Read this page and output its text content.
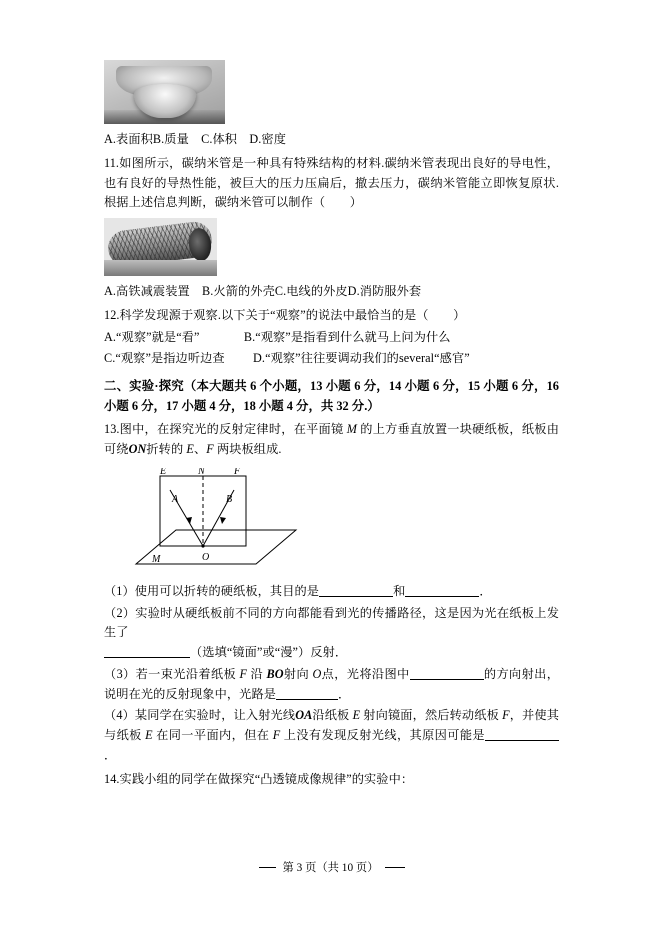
A.表面积B.质量　C.体积　D.密度

11.如图所示，碳纳米管是一种具有特殊结构的材料.碳纳米管表现出良好的导电性，也有良好的导热性能，被巨大的压力压扁后，撤去压力，碳纳米管能立即恢复原状.根据上述信息判断，碳纳米管可以制作（　　）

A.高铁减震装置　B.火箭的外壳C.电线的外皮D.消防服外套

12.科学发现源于观察.以下关于“观察”的说法中最恰当的是（　　）

A.“观察”就是“看”	B.“观察”是指看到什么就马上问为什么

C.“观察”是指边听边查 D.“观察”往往要调动我们的several“感官”

二、实验·探究（本大题共 6 个小题，13 小题 6 分，14 小题 6 分，15 小题 6 分，16 小题 6 分，17 小题 4 分，18 小题 4 分，共 32 分.）

13.图中，在探究光的反射定律时，在平面镜 M 的上方垂直放置一块硬纸板，纸板由可绕ON折转的 E、F 两块板组成.

E	N	F
A	B
M	O

（1）使用可以折转的硬纸板，其目的是	和	．

（2）实验时从硬纸板前不同的方向都能看到光的传播路径，这是因为光在纸板上发生了
（选填“镜面”或“漫”）反射．

（3）若一束光沿着纸板 F 沿 BO射向 O点，光将沿图中	的方向射出，说明在光的反射现象中，光路是	．

（4）某同学在实验时，让入射光线OA沿纸板 E 射向镜面，然后转动纸板 F，并使其与纸板 E 在同一平面内，但在 F 上没有发现反射光线，其原因可能是．

14.实践小组的同学在做探究“凸透镜成像规律”的实验中：

第 3 页（共 10 页）
